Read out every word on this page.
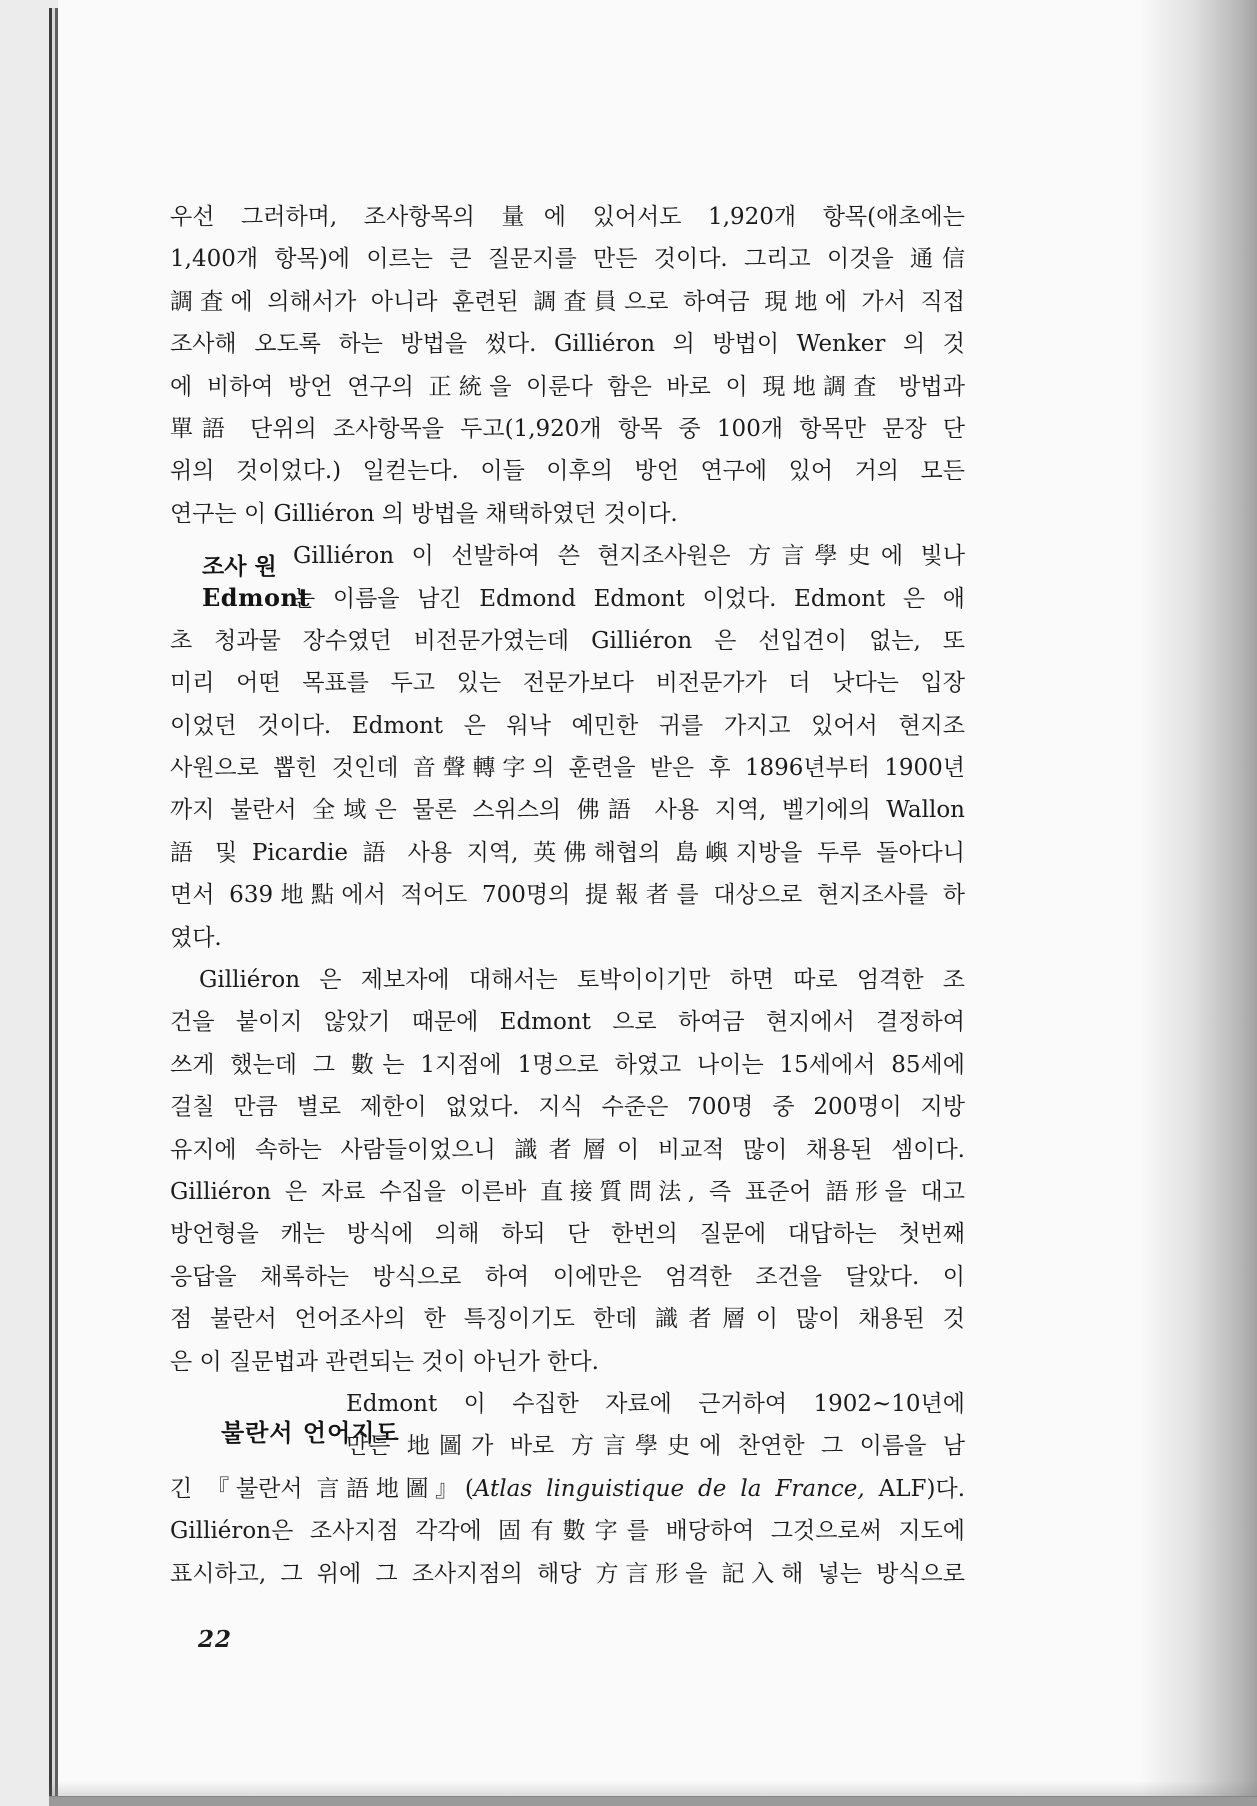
우선 그러하며, 조사항목의 量에 있어서도 1,920개 항목(애초에는
1,400개 항목)에 이르는 큰 질문지를 만든 것이다. 그리고 이것을 通信
調査에 의해서가 아니라 훈련된 調査員으로 하여금 現地에 가서 직접
조사해 오도록 하는 방법을 썼다. Gilliéron 의 방법이 Wenker 의 것
에 비하여 방언 연구의 正統을 이룬다 함은 바로 이 現地調査 방법과
單語 단위의 조사항목을 두고(1,920개 항목 중 100개 항목만 문장 단
위의 것이었다.) 일컫는다. 이들 이후의 방언 연구에 있어 거의 모든
연구는 이 Gilliéron 의 방법을 채택하였던 것이다.
Gilliéron 이 선발하여 쓴 현지조사원은 方言學史에 빛나
는 이름을 남긴 Edmond Edmont 이었다. Edmont 은 애
초 청과물 장수였던 비전문가였는데 Gilliéron 은 선입견이 없는, 또
미리 어떤 목표를 두고 있는 전문가보다 비전문가가 더 낫다는 입장
이었던 것이다. Edmont 은 워낙 예민한 귀를 가지고 있어서 현지조
사원으로 뽑힌 것인데 音聲轉字의 훈련을 받은 후 1896년부터 1900년
까지 불란서 全域은 물론 스위스의 佛語 사용 지역, 벨기에의 Wallon
語 및 Picardie 語 사용 지역, 英佛해협의 島嶼지방을 두루 돌아다니
면서 639地點에서 적어도 700명의 提報者를 대상으로 현지조사를 하
였다.
Gilliéron 은 제보자에 대해서는 토박이이기만 하면 따로 엄격한 조
건을 붙이지 않았기 때문에 Edmont 으로 하여금 현지에서 결정하여
쓰게 했는데 그 數는 1지점에 1명으로 하였고 나이는 15세에서 85세에
걸칠 만큼 별로 제한이 없었다. 지식 수준은 700명 중 200명이 지방
유지에 속하는 사람들이었으니 識者層이 비교적 많이 채용된 셈이다.
Gilliéron 은 자료 수집을 이른바 直接質問法, 즉 표준어 語形을 대고
방언형을 캐는 방식에 의해 하되 단 한번의 질문에 대답하는 첫번째
응답을 채록하는 방식으로 하여 이에만은 엄격한 조건을 달았다. 이
점 불란서 언어조사의 한 특징이기도 한데 識者層이 많이 채용된 것
은 이 질문법과 관련되는 것이 아닌가 한다.
Edmont 이 수집한 자료에 근거하여 1902~10년에
만든 地圖가 바로 方言學史에 찬연한 그 이름을 남
긴 『불란서 言語地圖』(Atlas linguistique de la France, ALF)다.
Gilliéron은 조사지점 각각에 固有數字를 배당하여 그것으로써 지도에
표시하고, 그 위에 그 조사지점의 해당 方言形을 記入해 넣는 방식으로
조사 원
Edmont
불란서 언어지도
22
